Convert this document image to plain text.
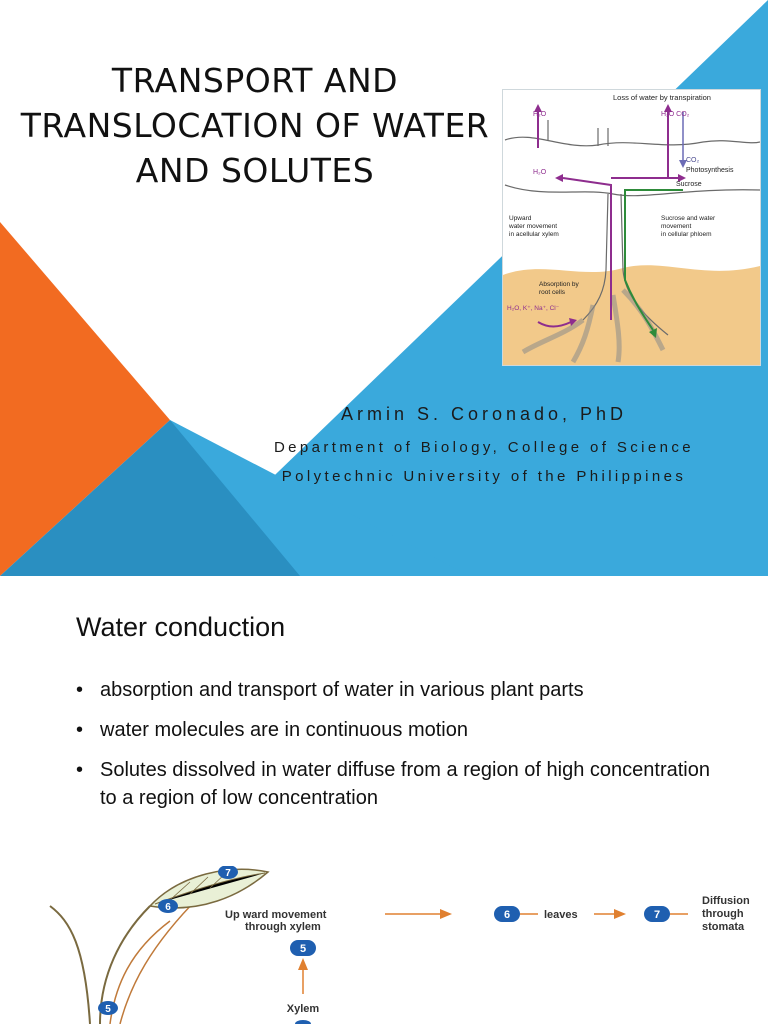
TRANSPORT AND
TRANSLOCATION OF WATER
AND SOLUTES
Loss of water by transpiration
H₂O
H₂O
H₂O CO₂
CO₂
Photosynthesis
Sucrose
Upward
water movement
in acellular xylem
Sucrose and water
movement
in cellular phloem
Absorption by
root cells
H₂O, K⁺, Na⁺, Cl⁻

Armin S. Coronado, PhD

Department of Biology, College of Science

Polytechnic University of the Philippines

Water conduction
• absorption and transport of water in various plant parts
• water molecules are in continuous motion
• Solutes dissolved in water diffuse from a region of high concentration to a region of low concentration
7
6
5
Up ward movement
through xylem
6	leaves	7
Diffusion
through
stomata
5
Xylem
